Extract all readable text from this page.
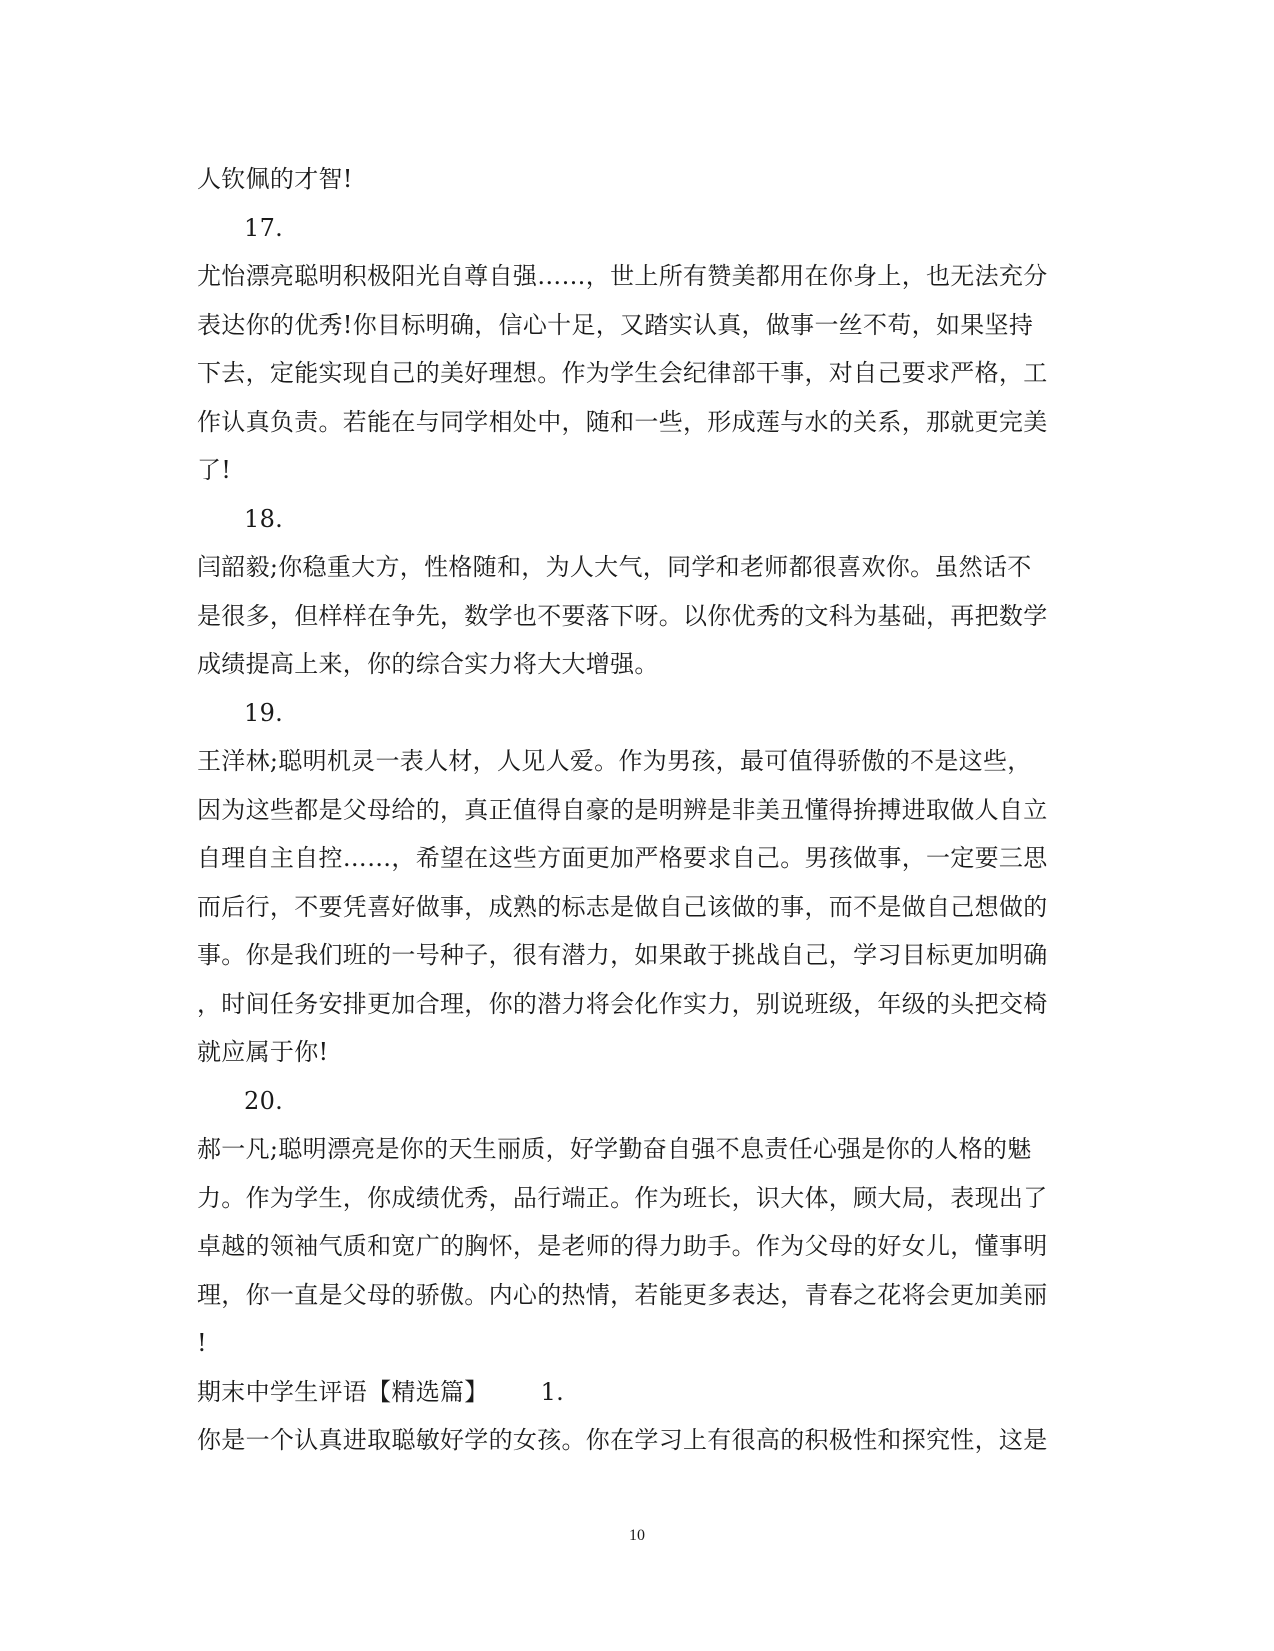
人钦佩的才智!
17.
尤怡漂亮聪明积极阳光自尊自强……，世上所有赞美都用在你身上，也无法充分
表达你的优秀!你目标明确，信心十足，又踏实认真，做事一丝不苟，如果坚持
下去，定能实现自己的美好理想。作为学生会纪律部干事，对自己要求严格，工
作认真负责。若能在与同学相处中，随和一些，形成莲与水的关系，那就更完美
了!
18.
闫韶毅;你稳重大方，性格随和，为人大气，同学和老师都很喜欢你。虽然话不
是很多，但样样在争先，数学也不要落下呀。以你优秀的文科为基础，再把数学
成绩提高上来，你的综合实力将大大增强。
19.
王洋林;聪明机灵一表人材，人见人爱。作为男孩，最可值得骄傲的不是这些，
因为这些都是父母给的，真正值得自豪的是明辨是非美丑懂得拚搏进取做人自立
自理自主自控……，希望在这些方面更加严格要求自己。男孩做事，一定要三思
而后行，不要凭喜好做事，成熟的标志是做自己该做的事，而不是做自己想做的
事。你是我们班的一号种子，很有潜力，如果敢于挑战自己，学习目标更加明确
，时间任务安排更加合理，你的潜力将会化作实力，别说班级，年级的头把交椅
就应属于你!
20.
郝一凡;聪明漂亮是你的天生丽质，好学勤奋自强不息责任心强是你的人格的魅
力。作为学生，你成绩优秀，品行端正。作为班长，识大体，顾大局，表现出了
卓越的领袖气质和宽广的胸怀，是老师的得力助手。作为父母的好女儿，懂事明
理，你一直是父母的骄傲。内心的热情，若能更多表达，青春之花将会更加美丽
!
期末中学生评语【精选篇】 1.
你是一个认真进取聪敏好学的女孩。你在学习上有很高的积极性和探究性，这是
10
